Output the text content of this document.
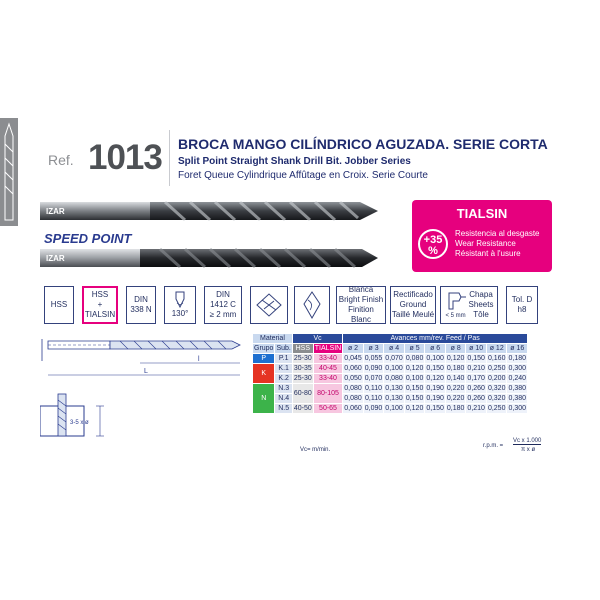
Ref. 1013 BROCA MANGO CILÍNDRICO AGUZADA. SERIE CORTA
Split Point Straight Shank Drill Bit. Jobber Series
Foret Queue Cylindrique Affûtage en Croix. Serie Courte
IZAR
IZAR
SPEED POINT
TIALSIN
+35
%
Resistencia al desgaste
Wear Resistance
Résistant à l'usure
HSS
HSS
+
TIALSIN
DIN
338 N	130°
DIN
1412 C
≥ 2 mm
Blanca
Bright Finish
Finition Blanc
Rectificado
Ground
Taillé Meulé < 5 mm
Chapa
Sheets
Tôle
Tol. D
h8
l
L
3-5 x ø
Material		Vc		Avances mm/rev. Feed / Pas								
Grupo	Sub.	HSS	TIALSIN	ø 2	ø 3	ø 4	ø 5	ø 6	ø 8	ø 10	ø 12	ø 16
P	P.1	25-30	33-40	0,045	0,055	0,070	0,080	0,100	0,120	0,150	0,160	0,180
K	K.1	30-35	40-45	0,060	0,090	0,100	0,120	0,150	0,180	0,210	0,250	0,300
	K.2	25-30	33-40	0,050	0,070	0,080	0,100	0,120	0,140	0,170	0,200	0,240
N	N.3	60-80	80-105	0,080	0,110	0,130	0,150	0,190	0,220	0,260	0,320	0,380
	N.4			0,080	0,110	0,130	0,150	0,190	0,220	0,260	0,320	0,380
	N.5	40-50	50-65	0,060	0,090	0,100	0,120	0,150	0,180	0,210	0,250	0,300
Vc= m/min.
r.p.m. =
Vc x 1.000
π x ø
